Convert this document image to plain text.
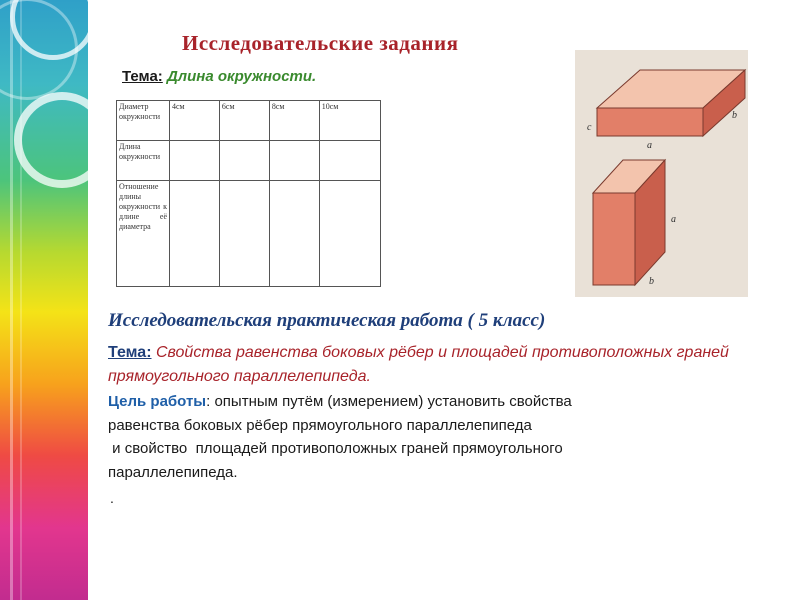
Исследовательские задания
Тема: Длина окружности.
Диаметр окружности	4см	6см	8см	10см
Длина окружности				
Отношение длины окружности к длине её диаметра				
c
b
a
a
b
Исследовательская практическая работа ( 5 класс)
Тема: Свойства равенства боковых рёбер и площадей противоположных граней прямоугольного параллелепипеда.
Цель работы: опытным путём (измерением) установить свойства
равенства боковых рёбер прямоугольного параллелепипеда
и свойство  площадей противоположных граней прямоугольного
параллелепипеда.
.
